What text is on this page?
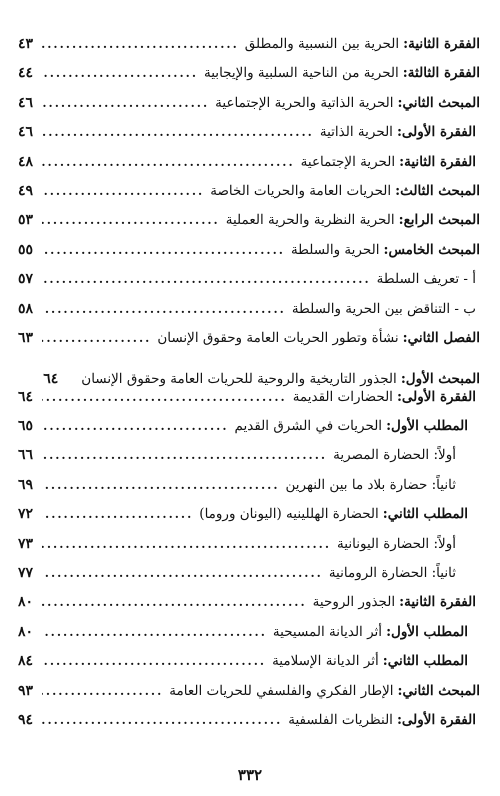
الفقرة الثانية:
الحرية بين النسبية والمطلق
.....
٤٣
الفقرة الثالثة:
الحرية من الناحية السلبية والإيجابية
.....
٤٤
المبحث الثاني:
الحرية الذاتية والحرية الإجتماعية
.....
٤٦
الفقرة الأولى:
الحرية الذاتية
.....
٤٦
الفقرة الثانية:
الحرية الإجتماعية
.....
٤٨
المبحث الثالث:
الحريات العامة والحريات الخاصة
.....
٤٩
المبحث الرابع:
الحرية النظرية والحرية العملية
.....
٥٣
المبحث الخامس:
الحرية والسلطة
.....
٥٥
أ - تعريف السلطة
.....
٥٧
ب - التناقض بين الحرية والسلطة
.....
٥٨
الفصل الثاني:
نشأة وتطور الحريات العامة وحقوق الإنسان
.....
٦٣
المبحث الأول:
الجذور التاريخية والروحية للحريات العامة وحقوق الإنسان
٦٤
الفقرة الأولى:
الحضارات القديمة
.....
٦٤
المطلب الأول:
الحريات في الشرق القديم
.....
٦٥
أولاً: الحضارة المصرية
.....
٦٦
ثانياً: حضارة بلاد ما بين النهرين
.....
٦٩
المطلب الثاني:
الحضارة الهللينيه (اليونان وروما)
.....
٧٢
أولاً: الحضارة اليونانية
.....
٧٣
ثانياً: الحضارة الرومانية
.....
٧٧
الفقرة الثانية:
الجذور الروحية
.....
٨٠
المطلب الأول:
أثر الديانة المسيحية
.....
٨٠
المطلب الثاني:
أثر الديانة الإسلامية
.....
٨٤
المبحث الثاني:
الإطار الفكري والفلسفي للحريات العامة
.....
٩٣
الفقرة الأولى:
النظريات الفلسفية
.....
٩٤
٣٣٢
